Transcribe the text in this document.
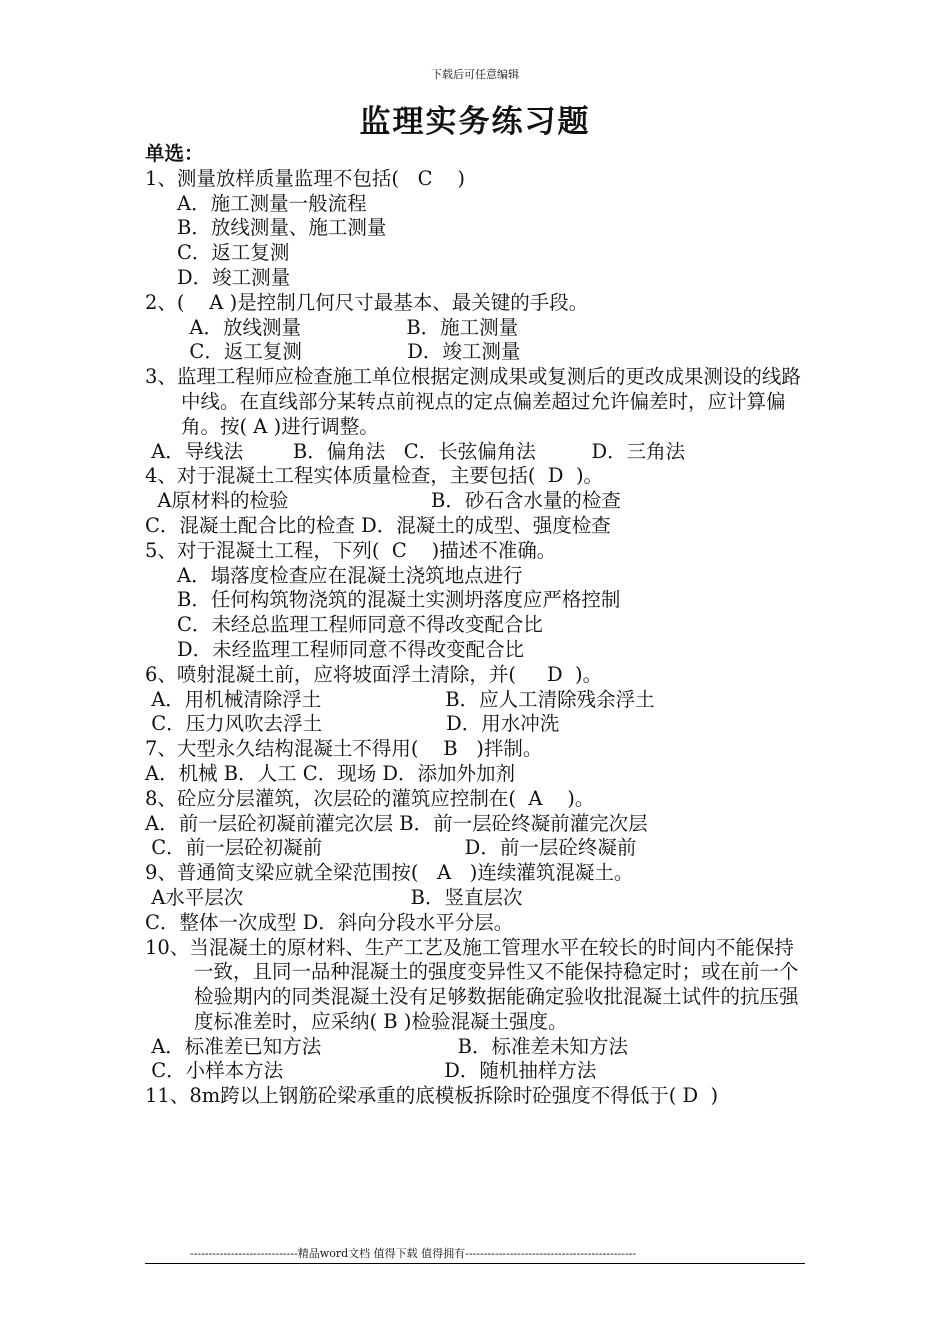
下载后可任意编辑
监理实务练习题
单选：
1、测量放样质量监理不包括(   C    )
A．施工测量一般流程
B．放线测量、施工测量
C．返工复测
D．竣工测量
2、(    A )是控制几何尺寸最基本、最关键的手段。
A．放线测量                 B．施工测量
C．返工复测                 D．竣工测量
3、监理工程师应检查施工单位根据定测成果或复测后的更改成果测设的线路中线。在直线部分某转点前视点的定点偏差超过允许偏差时，应计算偏角。按( A )进行调整。
A．导线法        B．偏角法   C．长弦偏角法         D．三角法
4、对于混凝土工程实体质量检查，主要包括(  D  )。
A原材料的检验                       B．砂石含水量的检查
C．混凝土配合比的检查 D．混凝土的成型、强度检查
5、对于混凝土工程，下列(  C    )描述不准确。
A．塌落度检查应在混凝土浇筑地点进行
B．任何构筑物浇筑的混凝土实测坍落度应严格控制
C．未经总监理工程师同意不得改变配合比
D．未经监理工程师同意不得改变配合比
6、喷射混凝土前，应将坡面浮土清除，并(     D  )。
A．用机械清除浮土                    B．应人工清除残余浮土
C．压力风吹去浮土                    D．用水冲洗
7、大型永久结构混凝土不得用(    B   )拌制。
A．机械 B．人工 C．现场 D．添加外加剂
8、砼应分层灌筑，次层砼的灌筑应控制在(  A    )。
A．前一层砼初凝前灌完次层 B．前一层砼终凝前灌完次层
C．前一层砼初凝前                       D．前一层砼终凝前
9、普通简支梁应就全梁范围按(   A   )连续灌筑混凝土。
A水平层次                           B．竖直层次
C．整体一次成型 D．斜向分段水平分层。
10、当混凝土的原材料、生产工艺及施工管理水平在较长的时间内不能保持一致，且同一品种混凝土的强度变异性又不能保持稳定时；或在前一个检验期内的同类混凝土没有足够数据能确定验收批混凝土试件的抗压强度标准差时，应采纳( B )检验混凝土强度。
A．标准差已知方法                      B．标准差未知方法
C．小样本方法                          D．随机抽样方法
11、8m跨以上钢筋砼梁承重的底模板拆除时砼强度不得低于( D  )
-----------------------------精品word文档 值得下载 值得拥有----------------------------------------------
